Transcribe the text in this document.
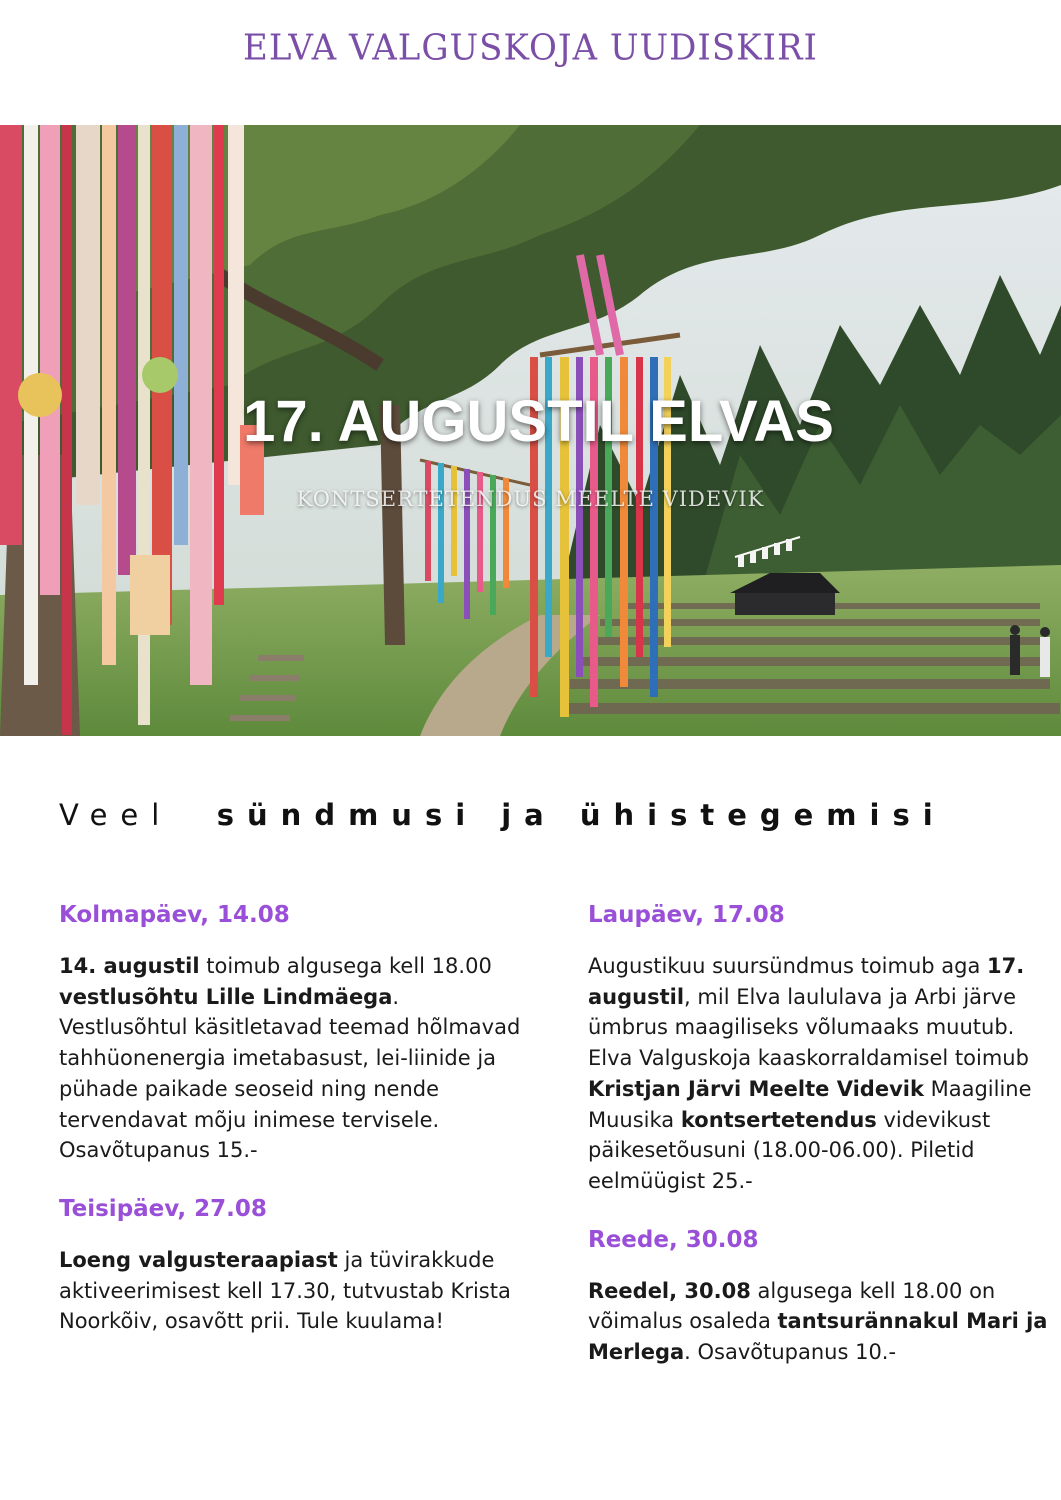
ELVA VALGUSKOJA UUDISKIRI
17. AUGUSTIL ELVAS
KONTSERTETENDUS MEELTE VIDEVIK
Veel sündmusi ja ühistegemisi
Kolmapäev, 14.08

14. augustil toimub algusega kell 18.00 vestlusõhtu Lille Lindmäega. Vestlusõhtul käsitletavad teemad hõlmavad tahhüonenergia imetabasust, lei-liinide ja pühade paikade seoseid ning nende tervendavat mõju inimese tervisele. Osavõtupanus 15.-

Teisipäev, 27.08

Loeng valgusteraapiast ja tüvirakkude aktiveerimisest kell 17.30, tutvustab Krista Noorkõiv, osavõtt prii. Tule kuulama!

Laupäev, 17.08

Augustikuu suursündmus toimub aga 17. augustil, mil Elva laululava ja Arbi järve ümbrus maagiliseks võlumaaks muutub. Elva Valguskoja kaaskorraldamisel toimub Kristjan Järvi Meelte Videvik Maagiline Muusika kontsertetendus videvikust päikesetõusuni (18.00-06.00). Piletid eelmüügist 25.-

Reede, 30.08

Reedel, 30.08 algusega kell 18.00 on võimalus osaleda tantsurännakul Mari ja Merlega. Osavõtupanus 10.-
